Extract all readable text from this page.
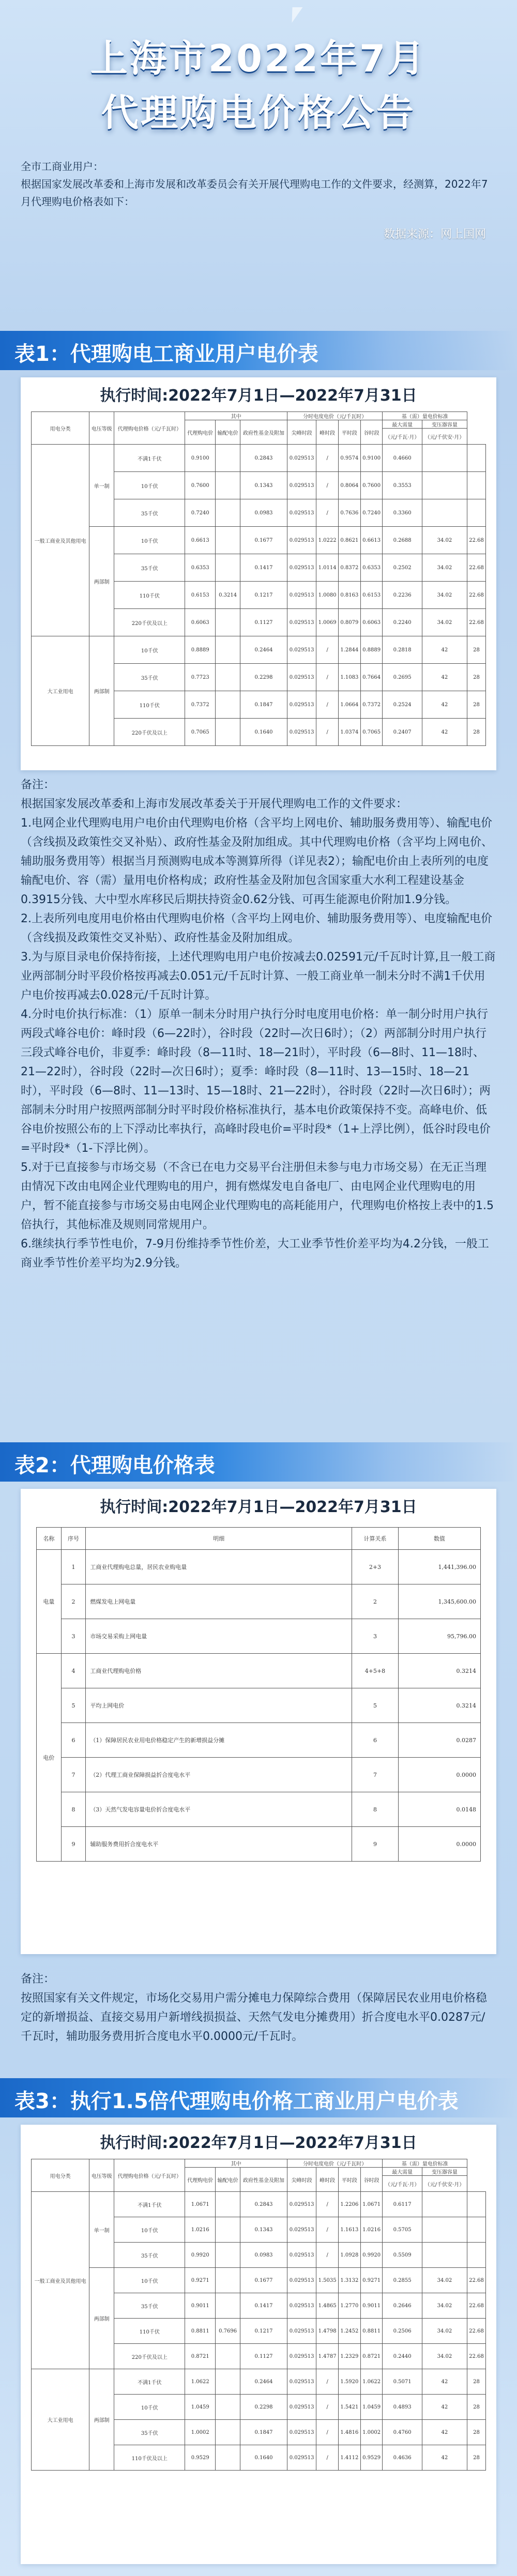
上海市2022年7月
代理购电价格公告
全市工商业用户：
根据国家发展改革委和上海市发展和改革委员会有关开展代理购电工作的文件要求，经测算，2022年7月代理购电价格表如下：
数据来源：网上国网
表1：代理购电工商业用户电价表
执行时间:2022年7月1日—2022年7月31日
用电分类	电压等级	代理购电价格（元/千瓦时）	其中			分时电度电价（元/千瓦时）				基（需）量电价标准		
			代理购电价	输配电价	政府性基金及附加	尖峰时段	峰时段	平时段	谷时段	最大需量	变压器容量	
										（元/千瓦·月）	（元/千伏安·月）	
一般工商业及其他用电	单一制	不满1千伏	0.9100		0.2843	0.029513	/	0.9574	0.9100	0.4660		
		10千伏	0.7600		0.1343	0.029513	/	0.8064	0.7600	0.3553		
		35千伏	0.7240		0.0983	0.029513	/	0.7636	0.7240	0.3360		
	两部制	10千伏	0.6613		0.1677	0.029513	1.0222	0.8621	0.6613	0.2688	34.02	22.68
		35千伏	0.6353		0.1417	0.029513	1.0114	0.8372	0.6353	0.2502	34.02	22.68
		110千伏	0.6153	0.3214	0.1217	0.029513	1.0080	0.8163	0.6153	0.2236	34.02	22.68
		220千伏及以上	0.6063		0.1127	0.029513	1.0069	0.8079	0.6063	0.2240	34.02	22.68
大工业用电	两部制	10千伏	0.8889		0.2464	0.029513	/	1.2844	0.8889	0.2818	42	28
		35千伏	0.7723		0.2298	0.029513	/	1.1083	0.7664	0.2695	42	28
		110千伏	0.7372		0.1847	0.029513	/	1.0664	0.7372	0.2524	42	28
		220千伏及以上	0.7065		0.1640	0.029513	/	1.0374	0.7065	0.2407	42	28

备注：

根据国家发展改革委和上海市发展改革委关于开展代理购电工作的文件要求：

1.电网企业代理购电用户电价由代理购电价格（含平均上网电价、辅助服务费用等）、输配电价（含线损及政策性交叉补贴）、政府性基金及附加组成。其中代理购电价格（含平均上网电价、辅助服务费用等）根据当月预测购电成本等测算所得（详见表2）；输配电价由上表所列的电度输配电价、容（需）量用电价格构成；政府性基金及附加包含国家重大水利工程建设基金0.3915分钱、大中型水库移民后期扶持资金0.62分钱、可再生能源电价附加1.9分钱。

2.上表所列电度用电价格由代理购电价格（含平均上网电价、辅助服务费用等）、电度输配电价（含线损及政策性交叉补贴）、政府性基金及附加组成。

3.为与原目录电价保持衔接，上述代理购电用户电价按减去0.02591元/千瓦时计算,且一般工商业两部制分时平段价格按再减去0.051元/千瓦时计算、一般工商业单一制未分时不满1千伏用户电价按再减去0.028元/千瓦时计算。

4.分时电价执行标准：（1）原单一制未分时用户执行分时电度用电价格：单一制分时用户执行两段式峰谷电价：峰时段（6—22时），谷时段（22时—次日6时）；（2）两部制分时用户执行三段式峰谷电价，非夏季：峰时段（8—11时、18—21时），平时段（6—8时、11—18时、21—22时），谷时段（22时—次日6时）；夏季：峰时段（8—11时、13—15时、18—21时），平时段（6—8时、11—13时、15—18时、21—22时），谷时段（22时—次日6时）；两部制未分时用户按照两部制分时平时段价格标准执行，基本电价政策保持不变。高峰电价、低谷电价按照公布的上下浮动比率执行，高峰时段电价=平时段*（1+上浮比例），低谷时段电价=平时段*（1-下浮比例）。

5.对于已直接参与市场交易（不含已在电力交易平台注册但未参与电力市场交易）在无正当理由情况下改由电网企业代理购电的用户，拥有燃煤发电自备电厂、由电网企业代理购电的用户，暂不能直接参与市场交易由电网企业代理购电的高耗能用户，代理购电价格按上表中的1.5倍执行，其他标准及规则同常规用户。

6.继续执行季节性电价，7-9月份维持季节性价差，大工业季节性价差平均为4.2分钱，一般工商业季节性价差平均为2.9分钱。

表2：代理购电价格表
执行时间:2022年7月1日—2022年7月31日
名称	序号	明细	计算关系	数值
电量	1	工商业代理购电总量，居民农业购电量	2+3	1,441,396.00
	2	燃煤发电上网电量	2	1,345,600.00
	3	市场交易采购上网电量	3	95,796.00
电价	4	工商业代理购电价格	4+5+8	0.3214
	5	平均上网电价	5	0.3214
	6	（1）保障居民农业用电价格稳定产生的新增损益分摊	6	0.0287
	7	（2）代理工商业保障损益折合度电水平	7	0.0000
	8	（3）天然气发电容量电价折合度电水平	8	0.0148
	9	辅助服务费用折合度电水平	9	0.0000

备注：

按照国家有关文件规定，市场化交易用户需分摊电力保障综合费用（保障居民农业用电价格稳定的新增损益、直接交易用户新增线损损益、天然气发电分摊费用）折合度电水平0.0287元/千瓦时，辅助服务费用折合度电水平0.0000元/千瓦时。

表3：执行1.5倍代理购电价格工商业用户电价表
执行时间:2022年7月1日—2022年7月31日
用电分类	电压等级	代理购电价格（元/千瓦时）	其中			分时电度电价（元/千瓦时）				基（需）量电价标准		
			代理购电价	输配电价	政府性基金及附加	尖峰时段	峰时段	平时段	谷时段	最大需量	变压器容量	
										（元/千瓦·月）	（元/千伏安·月）	
一般工商业及其他用电	单一制	不满1千伏	1.0671		0.2843	0.029513	/	1.2206	1.0671	0.6117		
		10千伏	1.0216		0.1343	0.029513	/	1.1613	1.0216	0.5705		
		35千伏	0.9920		0.0983	0.029513	/	1.0928	0.9920	0.5509		
	两部制	10千伏	0.9271		0.1677	0.029513	1.5035	1.3132	0.9271	0.2855	34.02	22.68
		35千伏	0.9011		0.1417	0.029513	1.4865	1.2770	0.9011	0.2646	34.02	22.68
		110千伏	0.8811	0.7696	0.1217	0.029513	1.4798	1.2452	0.8811	0.2506	34.02	22.68
		220千伏及以上	0.8721		0.1127	0.029513	1.4787	1.2329	0.8721	0.2440	34.02	22.68
大工业用电	两部制	不满1千伏	1.0622		0.2464	0.029513	/	1.5920	1.0622	0.5071	42	28
		10千伏	1.0459		0.2298	0.029513	/	1.5421	1.0459	0.4893	42	28
		35千伏	1.0002		0.1847	0.029513	/	1.4816	1.0002	0.4760	42	28
		110千伏及以上	0.9529		0.1640	0.029513	/	1.4112	0.9529	0.4636	42	28
